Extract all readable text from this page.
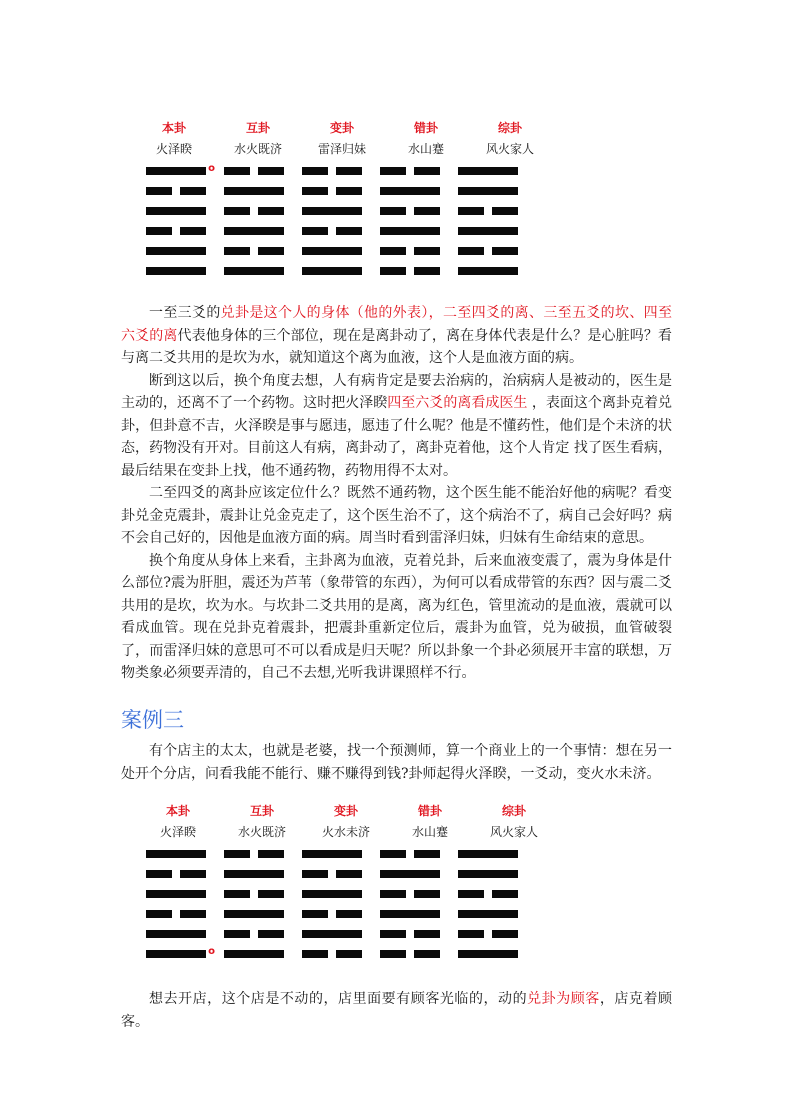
本卦	互卦	变卦	错卦	综卦
火泽睽	水火既济	雷泽归妹	水山蹇	风火家人
o

一至三爻的兑卦是这个人的身体（他的外表），二至四爻的离、三至五爻的坎、四至六爻的离代表他身体的三个部位，现在是离卦动了，离在身体代表是什么？是心脏吗？看与离二爻共用的是坎为水，就知道这个离为血液，这个人是血液方面的病。

断到这以后，换个角度去想，人有病肯定是要去治病的，治病病人是被动的，医生是主动的，还离不了一个药物。这时把火泽睽四至六爻的离看成医生 ，表面这个离卦克着兑卦，但卦意不吉，火泽睽是事与愿违，愿违了什么呢？他是不懂药性，他们是个未济的状态，药物没有开对。目前这人有病，离卦动了，离卦克着他，这个人肯定 找了医生看病，最后结果在变卦上找，他不通药物，药物用得不太对。

二至四爻的离卦应该定位什么？既然不通药物，这个医生能不能治好他的病呢？看变卦兑金克震卦，震卦让兑金克走了，这个医生治不了，这个病治不了，病自己会好吗？病不会自己好的，因他是血液方面的病。周当时看到雷泽归妹，归妹有生命结束的意思。

换个角度从身体上来看，主卦离为血液，克着兑卦，后来血液变震了，震为身体是什么部位?震为肝胆，震还为芦苇（象带管的东西），为何可以看成带管的东西？因与震二爻共用的是坎，坎为水。与坎卦二爻共用的是离，离为红色，管里流动的是血液，震就可以看成血管。现在兑卦克着震卦，把震卦重新定位后，震卦为血管，兑为破损，血管破裂了，而雷泽归妹的意思可不可以看成是归天呢？所以卦象一个卦必须展开丰富的联想，万物类象必须要弄清的，自己不去想,光听我讲课照样不行。

案例三

有个店主的太太，也就是老婆，找一个预测师，算一个商业上的一个事情：想在另一处开个分店，问看我能不能行、赚不赚得到钱?卦师起得火泽睽，一爻动，变火水未济。

本卦	互卦	变卦	错卦	综卦
火泽睽	水火既济	火水未济	水山蹇	风火家人
o

想去开店，这个店是不动的，店里面要有顾客光临的，动的兑卦为顾客，店克着顾客。
